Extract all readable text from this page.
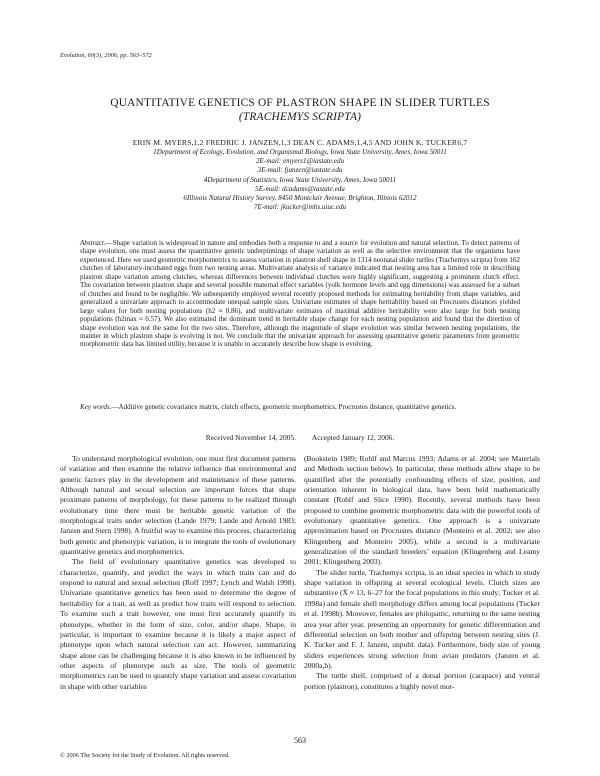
Evolution, 60(3), 2006, pp. 563–572
QUANTITATIVE GENETICS OF PLASTRON SHAPE IN SLIDER TURTLES
(TRACHEMYS SCRIPTA)
ERIN M. MYERS,1,2 FREDRIC J. JANZEN,1,3 DEAN C. ADAMS,1,4,5 AND JOHN K. TUCKER6,7
1Department of Ecology, Evolution, and Organismal Biology, Iowa State University, Ames, Iowa 50011
2E-mail: emyers1@iastate.edu
3E-mail: fjanzen@iastate.edu
4Department of Statistics, Iowa State University, Ames, Iowa 50011
5E-mail: dcadams@iastate.edu
6Illinois Natural History Survey, 8450 Montclair Avenue, Brighton, Illinois 62012
7E-mail: jkucker@inhs.uiuc.edu
Abstract.—Shape variation is widespread in nature and embodies both a response to and a source for evolution and natural selection. To detect patterns of shape evolution, one must assess the quantitative genetic underpinnings of shape variation as well as the selective environment that the organisms have experienced. Here we used geometric morphometrics to assess variation in plastron shell shape in 1314 neonatal slider turtles (Trachemys scripta) from 162 clutches of laboratory-incubated eggs from two nesting areas. Multivariate analysis of variance indicated that nesting area has a limited role in describing plastron shape variation among clutches, whereas differences between individual clutches were highly significant, suggesting a prominent clutch effect. The covariation between plastron shape and several possible maternal effect variables (yolk hormone levels and egg dimensions) was assessed for a subset of clutches and found to be negligible. We subsequently employed several recently proposed methods for estimating heritability from shape variables, and generalized a univariate approach to accommodate unequal sample sizes. Univariate estimates of shape heritability based on Procrustes distances yielded large values for both nesting populations (h2 ≈ 0.86), and multivariate estimates of maximal additive heritability were also large for both nesting populations (h2max ≈ 0.57). We also estimated the dominant trend in heritable shape change for each nesting population and found that the direction of shape evolution was not the same for the two sites. Therefore, although the magnitude of shape evolution was similar between nesting populations, the manner in which plastron shape is evolving is not. We conclude that the univariate approach for assessing quantitative genetic parameters from geometric morphometric data has limited utility, because it is unable to accurately describe how shape is evolving.
Key words.—Additive genetic covariance matrix, clutch effects, geometric morphometrics, Procrustes distance, quantitative genetics.
Received November 14, 2005. Accepted January 12, 2006.

To understand morphological evolution, one must first document patterns of variation and then examine the relative influence that environmental and genetic factors play in the development and maintenance of these patterns. Although natural and sexual selection are important forces that shape proximate patterns of morphology, for these patterns to be realized through evolutionary time there must be heritable genetic variation of the morphological traits under selection (Lande 1979; Lande and Arnold 1983; Janzen and Stern 1998). A fruitful way to examine this process, characterizing both genetic and phenotypic variation, is to integrate the tools of evolutionary quantitative genetics and morphometrics.

The field of evolutionary quantitative genetics was developed to characterize, quantify, and predict the ways in which traits can and do respond to natural and sexual selection (Roff 1997; Lynch and Walsh 1998). Univariate quantitative genetics has been used to determine the degree of heritability for a trait, as well as predict how traits will respond to selection. To examine such a trait however, one must first accurately quantify its phenotype, whether in the form of size, color, and/or shape. Shape, in particular, is important to examine because it is likely a major aspect of phenotype upon which natural selection can act. However, summarizing shape alone can be challenging because it is also known to be influenced by other aspects of phenotype such as size. The tools of geometric morphometrics can be used to quantify shape variation and assess covariation in shape with other variables

(Bookstein 1989; Rohlf and Marcus 1993; Adams et al. 2004; see Materials and Methods section below). In particular, these methods allow shape to be quantified after the potentially confounding effects of size, position, and orientation inherent in biological data, have been held mathematically constant (Rohlf and Slice 1990). Recently, several methods have been proposed to combine geometric morphometric data with the powerful tools of evolutionary quantitative genetics. One approach is a univariate approximation based on Procrustes distance (Monteiro et al. 2002; see also Klingenberg and Monteiro 2005), while a second is a multivariate generalization of the standard breeders’ equation (Klingenberg and Leamy 2001; Klingenberg 2003).

The slider turtle, Trachemys scripta, is an ideal species in which to study shape variation in offspring at several ecological levels. Clutch sizes are substantive (X̄ ≈ 13, 6–27 for the focal populations in this study; Tucker et al. 1998a) and female shell morphology differs among local populations (Tucker et al. 1998b). Moreover, females are philopatric, returning to the same nesting area year after year, presenting an opportunity for genetic differentiation and differential selection on both mother and offspring between nesting sites (J. K. Tucker and F. J. Janzen, unpubl. data). Furthermore, body size of young sliders experiences strong selection from avian predators (Janzen et al. 2000a,b).

The turtle shell, comprised of a dorsal portion (carapace) and ventral portion (plastron), constitutes a highly novel mor-

563
© 2006 The Society for the Study of Evolution. All rights reserved.
